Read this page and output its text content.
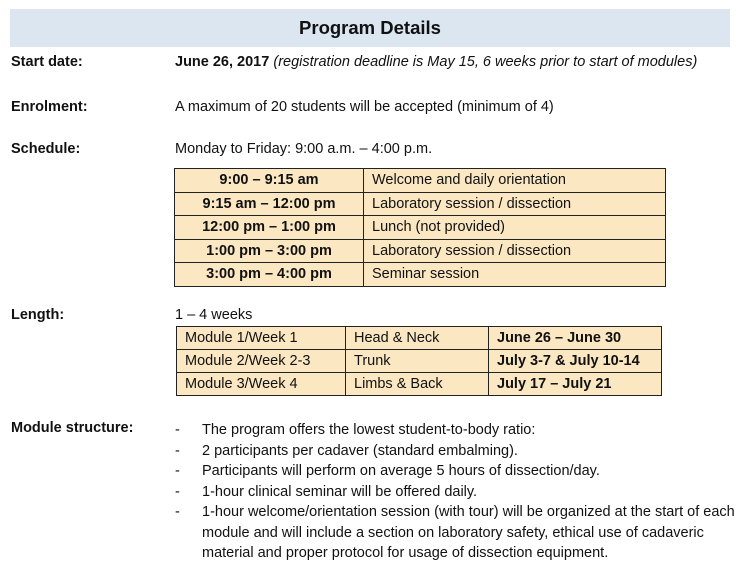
Program Details
Start date:	June 26, 2017 (registration deadline is May 15, 6 weeks prior to start of modules)
Enrolment:	A maximum of 20 students will be accepted (minimum of 4)
Schedule:	Monday to Friday: 9:00 a.m. – 4:00 p.m.
9:00 – 9:15 am	Welcome and daily orientation
9:15 am – 12:00 pm	Laboratory session / dissection
12:00 pm – 1:00 pm	Lunch (not provided)
1:00 pm – 3:00 pm	Laboratory session / dissection
3:00 pm – 4:00 pm	Seminar session
Length:	1 – 4 weeks
Module 1/Week 1	Head & Neck	June 26 – June 30
Module 2/Week 2-3	Trunk	July 3-7 & July 10-14
Module 3/Week 4	Limbs & Back	July 17 – July 21
Module structure:	- The program offers the lowest student-to-body ratio:
- 2 participants per cadaver (standard embalming).
- Participants will perform on average 5 hours of dissection/day.
- 1-hour clinical seminar will be offered daily.
- 1-hour welcome/orientation session (with tour) will be organized at the start of each module and will include a section on laboratory safety, ethical use of cadaveric material and proper protocol for usage of dissection equipment.
